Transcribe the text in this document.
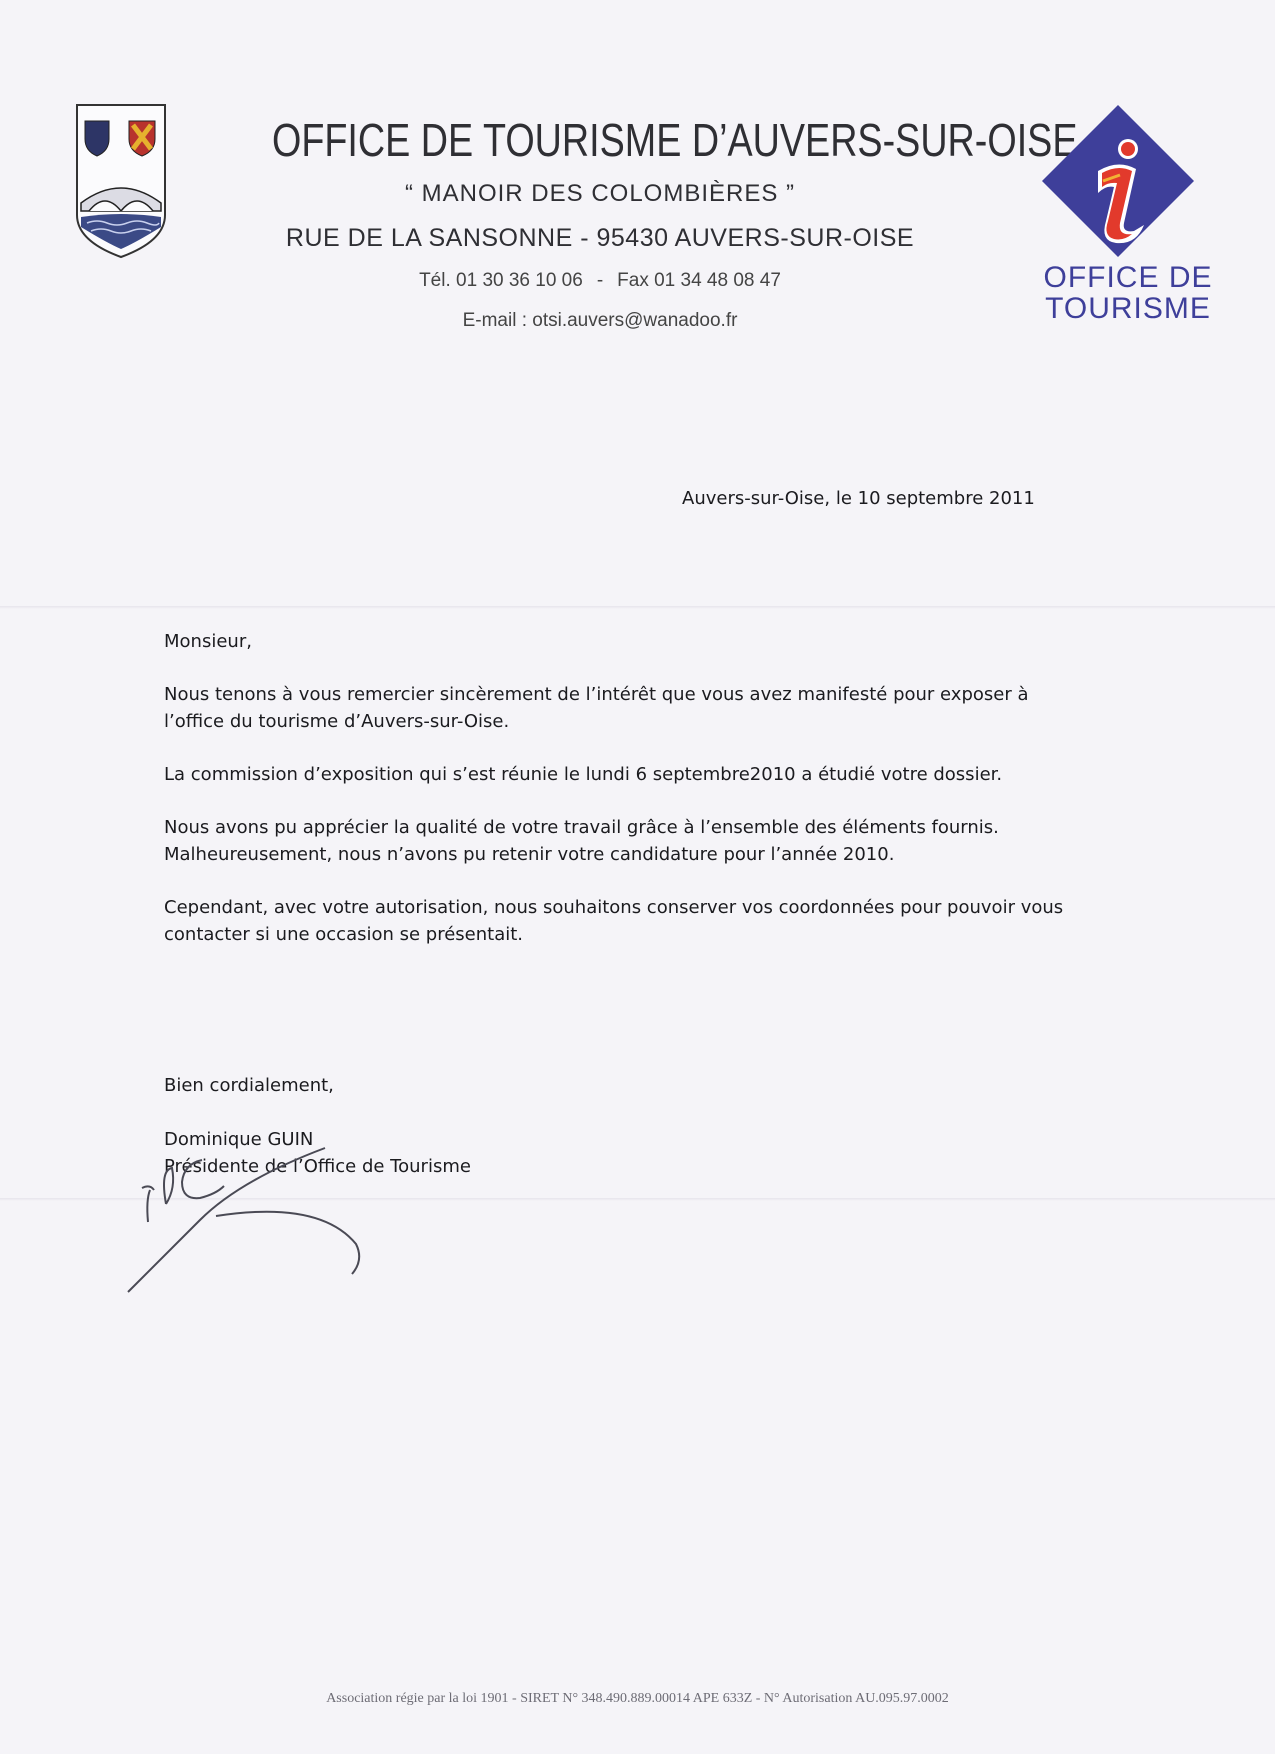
OFFICE DE TOURISME D’AUVERS-SUR-OISE
“ MANOIR DES COLOMBIÈRES ”
RUE DE LA SANSONNE - 95430 AUVERS-SUR-OISE
Tél. 01 30 36 10 06 - Fax 01 34 48 08 47
E-mail : otsi.auvers@wanadoo.fr
OFFICE DE
TOURISME
Auvers-sur-Oise, le 10 septembre 2011

Monsieur,

Nous tenons à vous remercier sincèrement de l’intérêt que vous avez manifesté pour exposer à
l’office du tourisme d’Auvers-sur-Oise.

La commission d’exposition qui s’est réunie le lundi 6 septembre2010 a étudié votre dossier.

Nous avons pu apprécier la qualité de votre travail grâce à l’ensemble des éléments fournis.
Malheureusement, nous n’avons pu retenir votre candidature pour l’année 2010.

Cependant, avec votre autorisation, nous souhaitons conserver vos coordonnées pour pouvoir vous
contacter si une occasion se présentait.

Bien cordialement,
Dominique GUIN
Présidente de l’Office de Tourisme
Association régie par la loi 1901 - SIRET N° 348.490.889.00014 APE 633Z - N° Autorisation AU.095.97.0002
